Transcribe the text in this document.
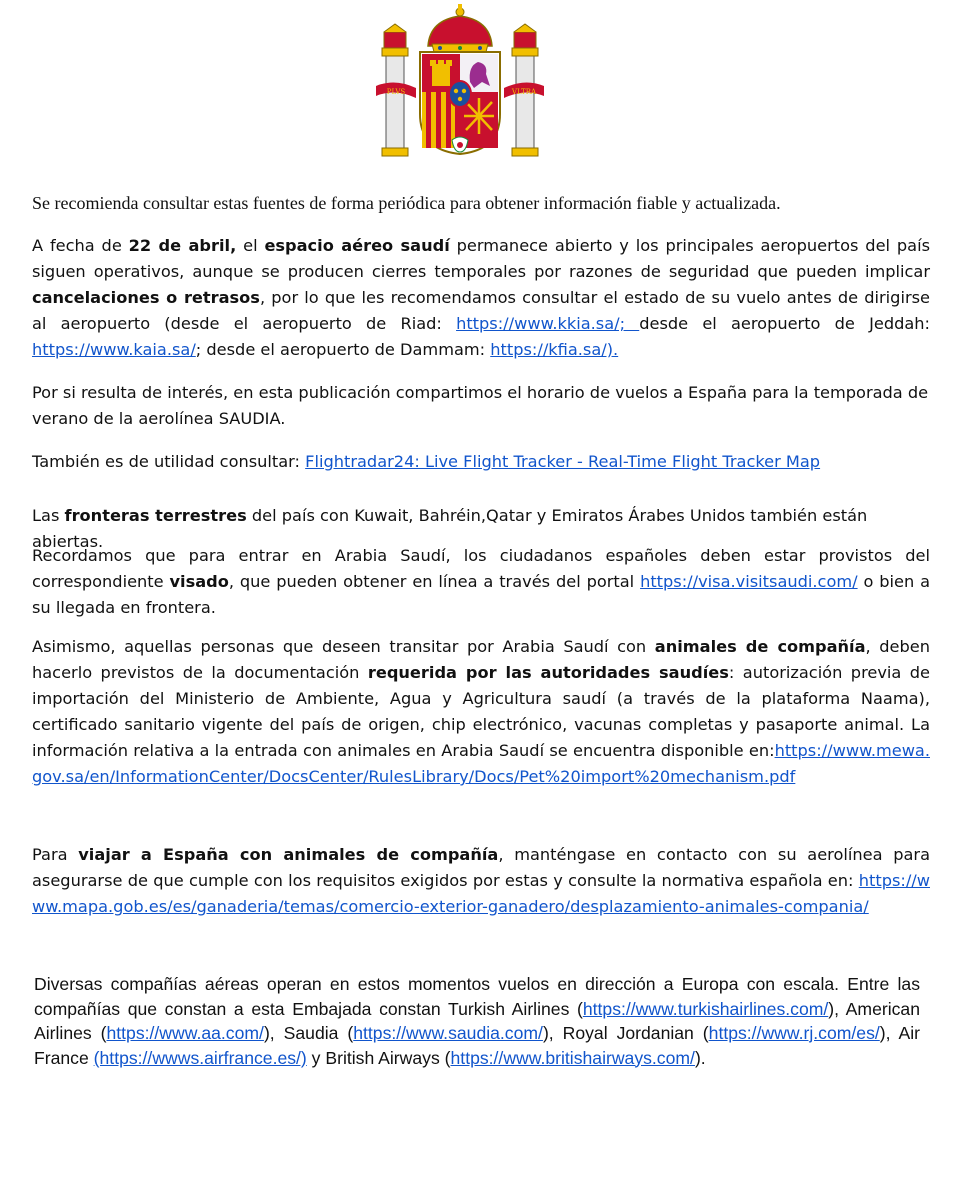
PLVS	VLTRA

Se recomienda consultar estas fuentes de forma periódica para obtener información fiable y actualizada.

A fecha de 22 de abril, el espacio aéreo saudí permanece abierto y los principales aeropuertos del país siguen operativos, aunque se producen cierres temporales por razones de seguridad que pueden implicar cancelaciones o retrasos, por lo que les recomendamos consultar el estado de su vuelo antes de dirigirse al aeropuerto (desde el aeropuerto de Riad: https://www.kkia.sa/; desde el aeropuerto de Jeddah: https://www.kaia.sa/; desde el aeropuerto de Dammam: https://kfia.sa/).

Por si resulta de interés, en esta publicación compartimos el horario de vuelos a España para la temporada de verano de la aerolínea SAUDIA.

También es de utilidad consultar: Flightradar24: Live Flight Tracker - Real-Time Flight Tracker Map

Las fronteras terrestres del país con Kuwait, Bahréin,Qatar y Emiratos Árabes Unidos también están abiertas.

Recordamos que para entrar en Arabia Saudí, los ciudadanos españoles deben estar provistos del correspondiente visado, que pueden obtener en línea a través del portal https://visa.visitsaudi.com/ o bien a su llegada en frontera.

Asimismo, aquellas personas que deseen transitar por Arabia Saudí con animales de compañía, deben hacerlo previstos de la documentación requerida por las autoridades saudíes: autorización previa de importación del Ministerio de Ambiente, Agua y Agricultura saudí (a través de la plataforma Naama), certificado sanitario vigente del país de origen, chip electrónico, vacunas completas y pasaporte animal. La información relativa a la entrada con animales en Arabia Saudí se encuentra disponible en:https://www.mewa.gov.sa/en/InformationCenter/DocsCenter/RulesLibrary/Docs/Pet%20import%20mechanism.pdf

Para viajar a España con animales de compañía, manténgase en contacto con su aerolínea para asegurarse de que cumple con los requisitos exigidos por estas y consulte la normativa española en: https://www.mapa.gob.es/es/ganaderia/temas/comercio-exterior-ganadero/desplazamiento-animales-compania/

Diversas compañías aéreas operan en estos momentos vuelos en dirección a Europa con escala. Entre las compañías que constan a esta Embajada constan Turkish Airlines (https://www.turkishairlines.com/), American Airlines (https://www.aa.com/), Saudia (https://www.saudia.com/), Royal Jordanian (https://www.rj.com/es/), Air France (https://wwws.airfrance.es/) y British Airways (https://www.britishairways.com/).
